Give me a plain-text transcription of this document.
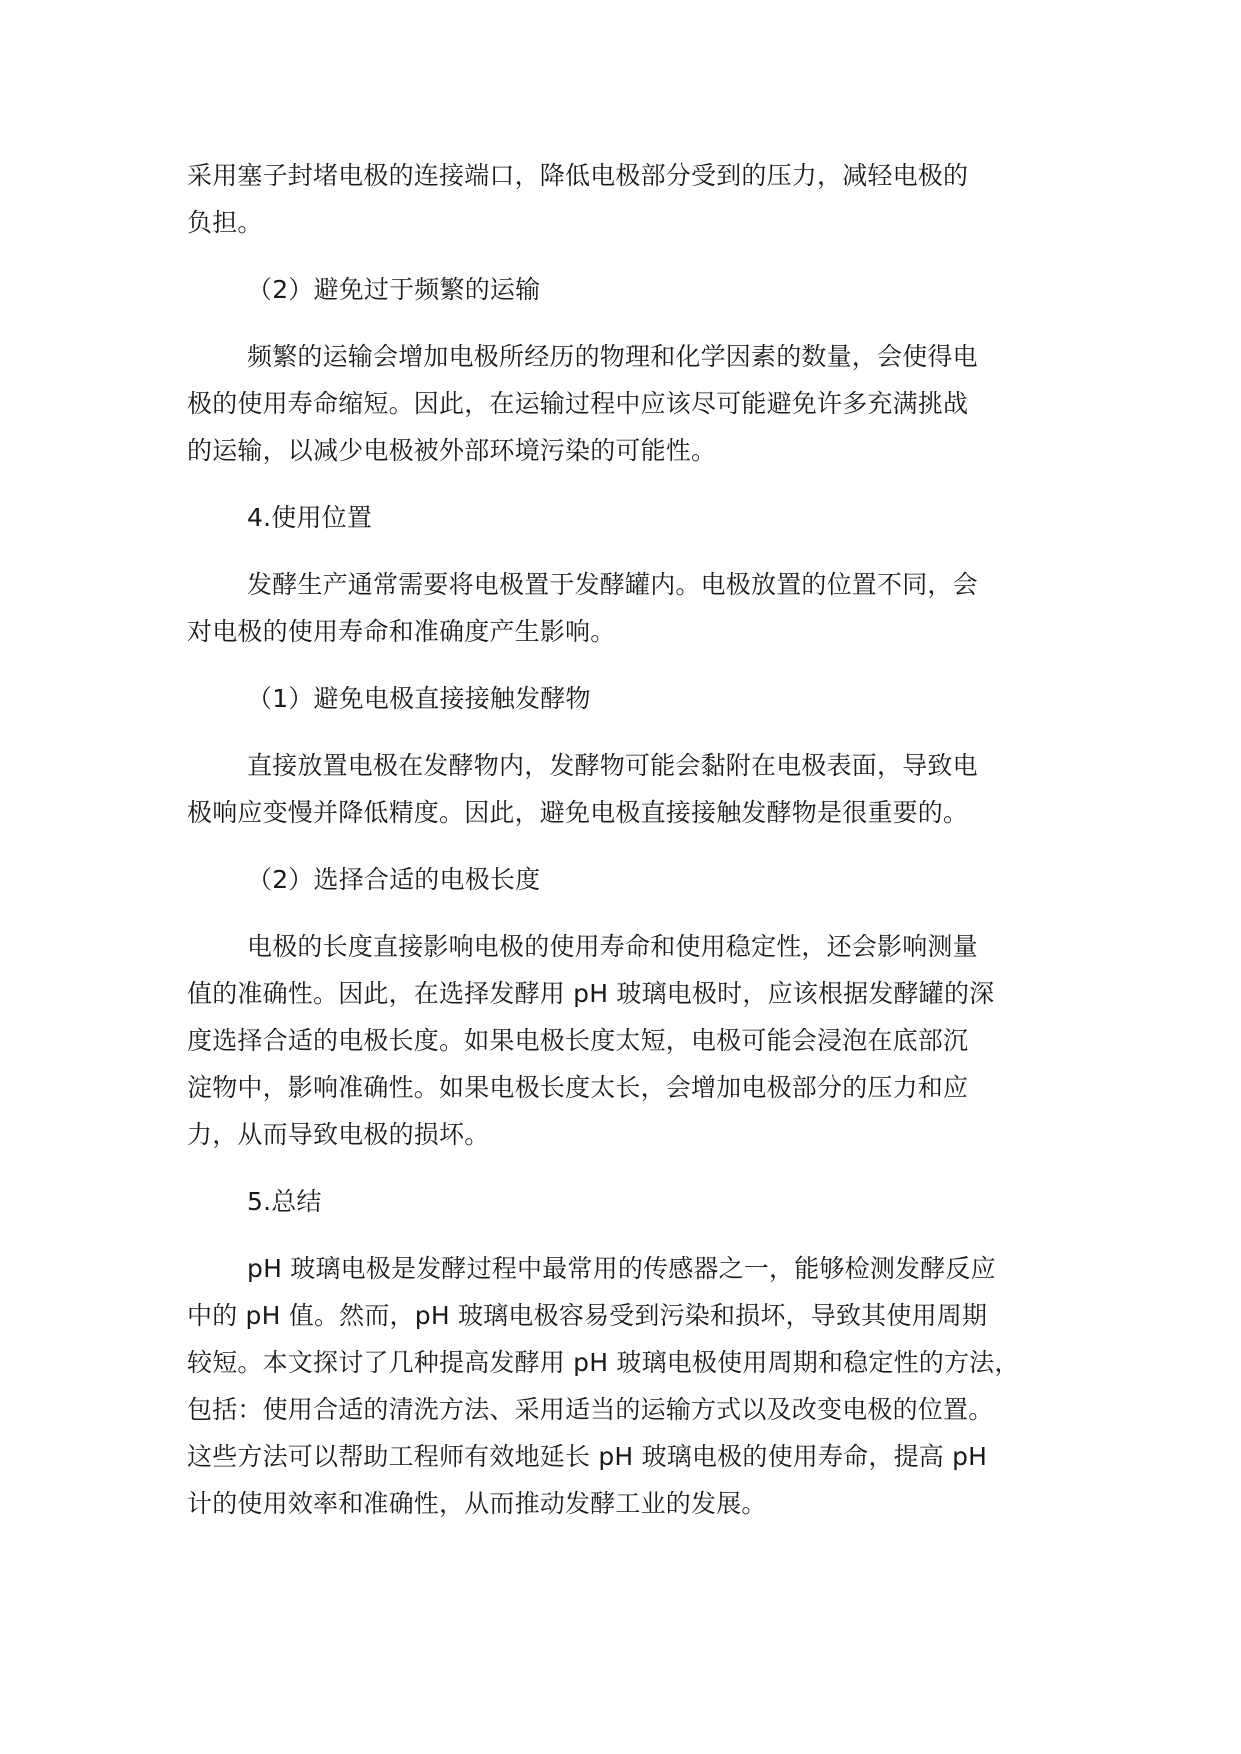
采用塞子封堵电极的连接端口，降低电极部分受到的压力，减轻电极的
负担。
（2）避免过于频繁的运输
频繁的运输会增加电极所经历的物理和化学因素的数量，会使得电
极的使用寿命缩短。因此，在运输过程中应该尽可能避免许多充满挑战
的运输，以减少电极被外部环境污染的可能性。
4.使用位置
发酵生产通常需要将电极置于发酵罐内。电极放置的位置不同，会
对电极的使用寿命和准确度产生影响。
（1）避免电极直接接触发酵物
直接放置电极在发酵物内，发酵物可能会黏附在电极表面，导致电
极响应变慢并降低精度。因此，避免电极直接接触发酵物是很重要的。
（2）选择合适的电极长度
电极的长度直接影响电极的使用寿命和使用稳定性，还会影响测量
值的准确性。因此，在选择发酵用 pH 玻璃电极时，应该根据发酵罐的深
度选择合适的电极长度。如果电极长度太短，电极可能会浸泡在底部沉
淀物中，影响准确性。如果电极长度太长，会增加电极部分的压力和应
力，从而导致电极的损坏。
5.总结
pH 玻璃电极是发酵过程中最常用的传感器之一，能够检测发酵反应
中的 pH 值。然而，pH 玻璃电极容易受到污染和损坏，导致其使用周期
较短。本文探讨了几种提高发酵用 pH 玻璃电极使用周期和稳定性的方法，
包括：使用合适的清洗方法、采用适当的运输方式以及改变电极的位置。
这些方法可以帮助工程师有效地延长 pH 玻璃电极的使用寿命，提高 pH
计的使用效率和准确性，从而推动发酵工业的发展。
